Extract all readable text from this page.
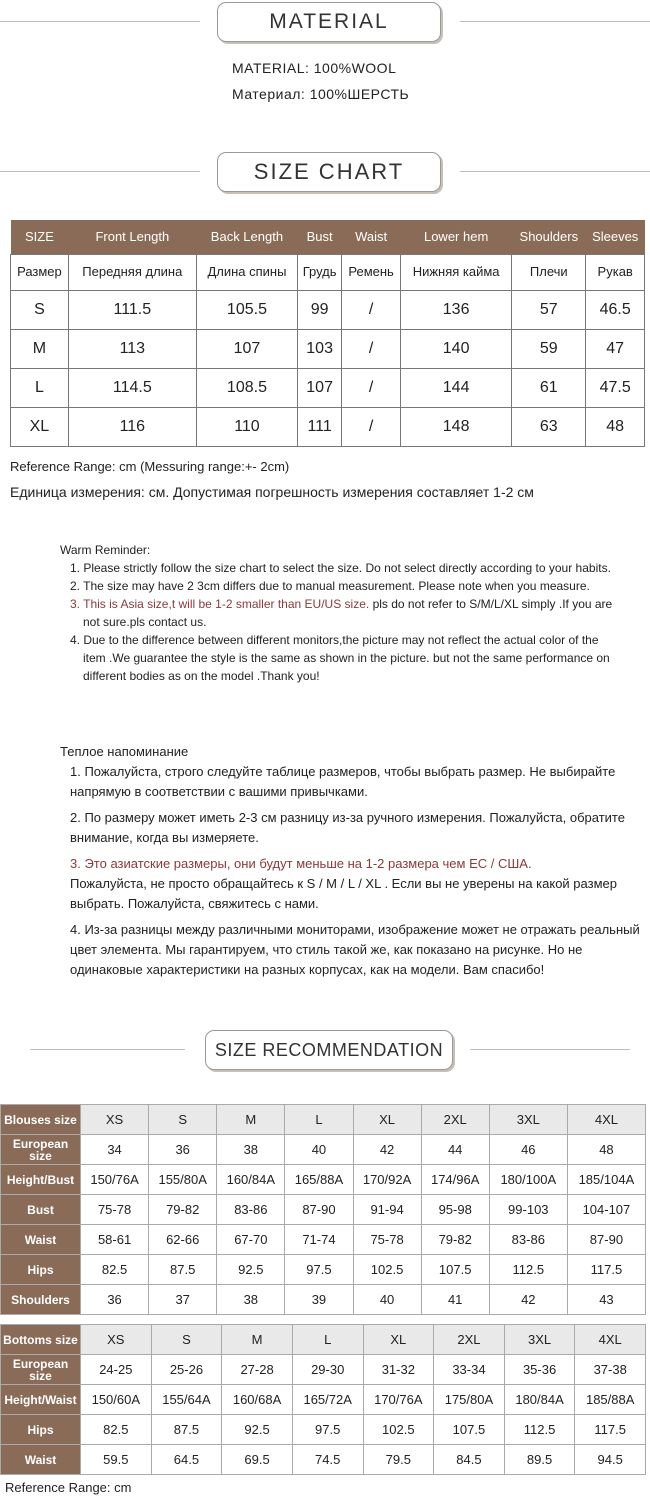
MATERIAL
MATERIAL: 100%WOOL
Материал: 100%ШЕРСТЬ
SIZE CHART
SIZE	Front Length	Back Length	Bust	Waist	Lower hem	Shoulders	Sleeves
Размер	Передняя длина	Длина спины	Грудь	Ремень	Нижняя кайма	Плечи	Рукав
S	111.5	105.5	99	/	136	57	46.5
M	113	107	103	/	140	59	47
L	114.5	108.5	107	/	144	61	47.5
XL	116	110	111	/	148	63	48
Reference Range: cm (Messuring range:+- 2cm)
Единица измерения: см. Допустимая погрешность измерения составляет 1-2 см
Warm Reminder:
1. Please strictly follow the size chart to select the size. Do not select directly according to your habits.
2. The size may have 2 3cm differs due to manual measurement. Please note when you measure.
3. This is Asia size,t will be 1-2 smaller than EU/US size. pls do not refer to S/M/L/XL simply .If you are not sure.pls contact us.
4. Due to the difference between different monitors,the picture may not reflect the actual color of the item .We guarantee the style is the same as shown in the picture. but not the same performance on different bodies as on the model .Thank you!
Теплое напоминание
1. Пожалуйста, строго следуйте таблице размеров, чтобы выбрать размер. Не выбирайте напрямую в соответствии с вашими привычками.
2. По размеру может иметь 2-3 см разницу из-за ручного измерения. Пожалуйста, обратите внимание, когда вы измеряете.
3. Это азиатские размеры, они будут меньше на 1-2 размера чем ЕС / США.
Пожалуйста, не просто обращайтесь к S / M / L / XL . Если вы не уверены на какой размер выбрать. Пожалуйста, свяжитесь с нами.
4. Из-за разницы между различными мониторами, изображение может не отражать реальный цвет элемента. Мы гарантируем, что стиль такой же, как показано на рисунке. Но не одинаковые характеристики на разных корпусах, как на модели. Вам спасибо!
SIZE RECOMMENDATION
Blouses size	XS	S	M	L	XL	2XL	3XL	4XL
European size	34	36	38	40	42	44	46	48
Height/Bust	150/76A	155/80A	160/84A	165/88A	170/92A	174/96A	180/100A	185/104A
Bust	75-78	79-82	83-86	87-90	91-94	95-98	99-103	104-107
Waist	58-61	62-66	67-70	71-74	75-78	79-82	83-86	87-90
Hips	82.5	87.5	92.5	97.5	102.5	107.5	112.5	117.5
Shoulders	36	37	38	39	40	41	42	43
Bottoms size	XS	S	M	L	XL	2XL	3XL	4XL
European size	24-25	25-26	27-28	29-30	31-32	33-34	35-36	37-38
Height/Waist	150/60A	155/64A	160/68A	165/72A	170/76A	175/80A	180/84A	185/88A
Hips	82.5	87.5	92.5	97.5	102.5	107.5	112.5	117.5
Waist	59.5	64.5	69.5	74.5	79.5	84.5	89.5	94.5
Reference Range: cm
